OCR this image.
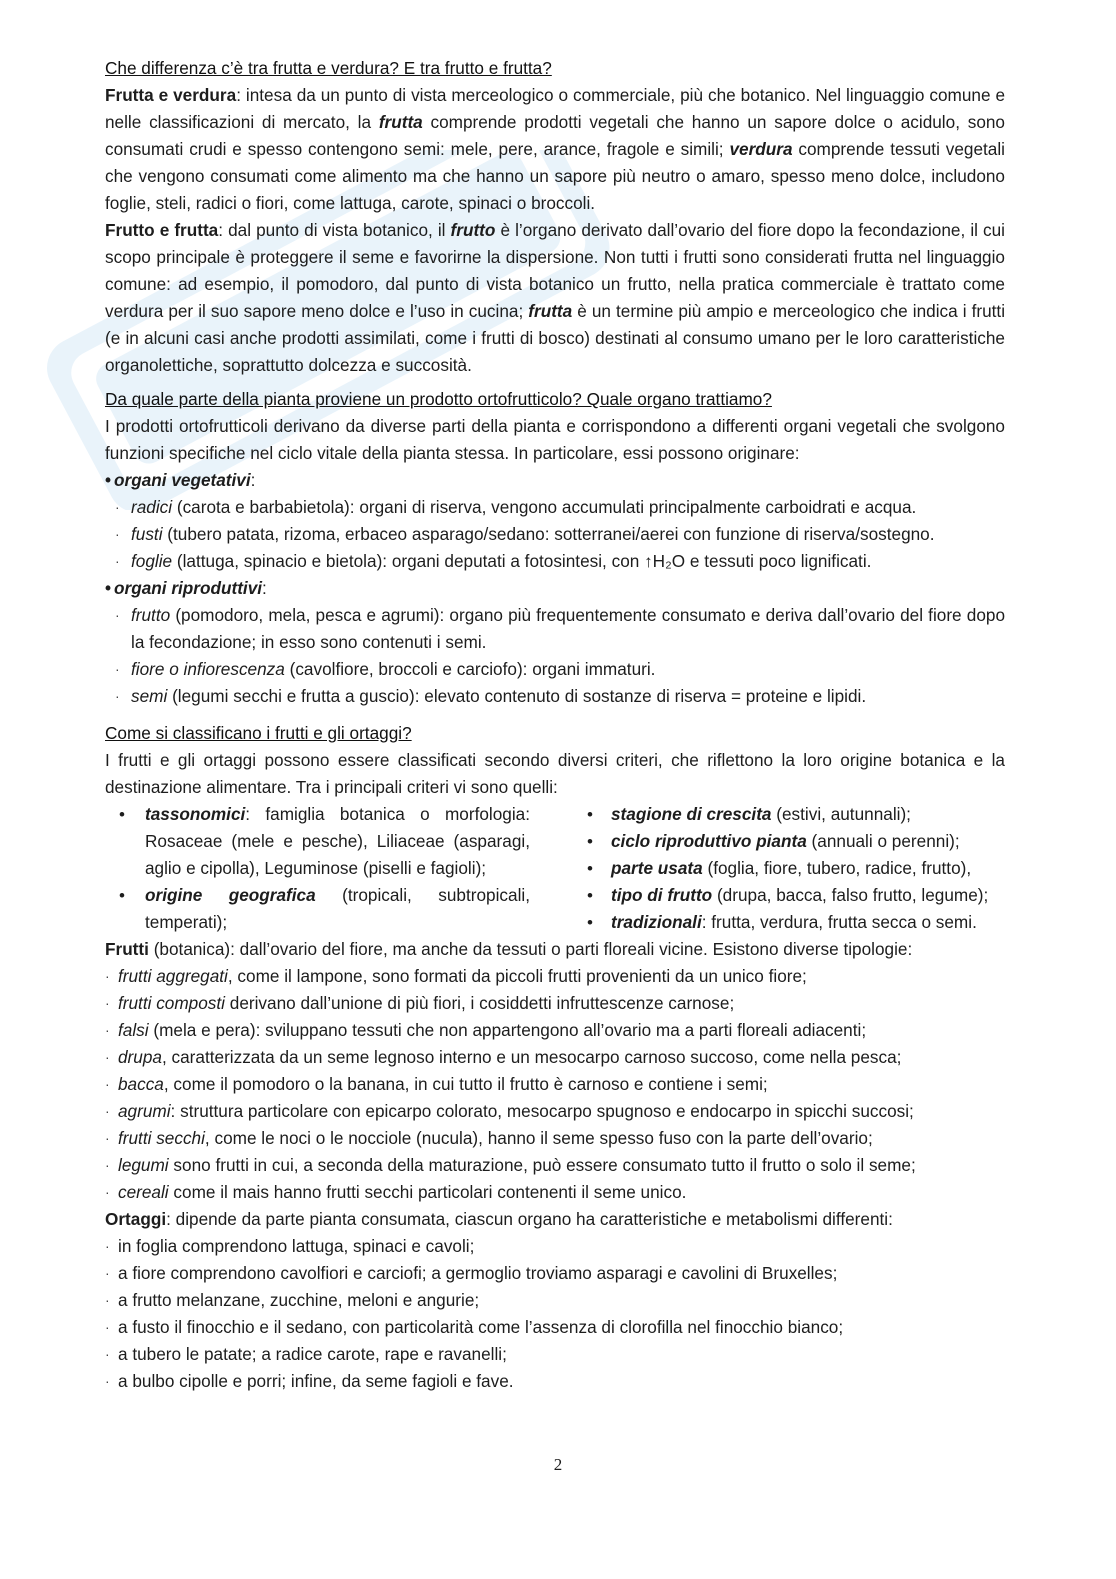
Che differenza c’è tra frutta e verdura? E tra frutto e frutta?

Frutta e verdura: intesa da un punto di vista merceologico o commerciale, più che botanico. Nel linguaggio comune e nelle classificazioni di mercato, la frutta comprende prodotti vegetali che hanno un sapore dolce o acidulo, sono consumati crudi e spesso contengono semi: mele, pere, arance, fragole e simili; verdura comprende tessuti vegetali che vengono consumati come alimento ma che hanno un sapore più neutro o amaro, spesso meno dolce, includono foglie, steli, radici o fiori, come lattuga, carote, spinaci o broccoli.

Frutto e frutta: dal punto di vista botanico, il frutto è l’organo derivato dall’ovario del fiore dopo la fecondazione, il cui scopo principale è proteggere il seme e favorirne la dispersione. Non tutti i frutti sono considerati frutta nel linguaggio comune: ad esempio, il pomodoro, dal punto di vista botanico un frutto, nella pratica commerciale è trattato come verdura per il suo sapore meno dolce e l’uso in cucina; frutta è un termine più ampio e merceologico che indica i frutti (e in alcuni casi anche prodotti assimilati, come i frutti di bosco) destinati al consumo umano per le loro caratteristiche organolettiche, soprattutto dolcezza e succosità.

Da quale parte della pianta proviene un prodotto ortofrutticolo? Quale organo trattiamo?

I prodotti ortofrutticoli derivano da diverse parti della pianta e corrispondono a differenti organi vegetali che svolgono funzioni specifiche nel ciclo vitale della pianta stessa. In particolare, essi possono originare:

• organi vegetativi:

· radici (carota e barbabietola): organi di riserva, vengono accumulati principalmente carboidrati e acqua.

· fusti (tubero patata, rizoma, erbaceo asparago/sedano: sotterranei/aerei con funzione di riserva/sostegno.

· foglie (lattuga, spinacio e bietola): organi deputati a fotosintesi, con ↑H₂O e tessuti poco lignificati.

• organi riproduttivi:

· frutto (pomodoro, mela, pesca e agrumi): organo più frequentemente consumato e deriva dall’ovario del fiore dopo la fecondazione; in esso sono contenuti i semi.

· fiore o infiorescenza (cavolfiore, broccoli e carciofo): organi immaturi.

· semi (legumi secchi e frutta a guscio): elevato contenuto di sostanze di riserva = proteine e lipidi.

Come si classificano i frutti e gli ortaggi?

I frutti e gli ortaggi possono essere classificati secondo diversi criteri, che riflettono la loro origine botanica e la destinazione alimentare. Tra i principali criteri vi sono quelli:

• tassonomici: famiglia botanica o morfologia: Rosaceae (mele e pesche), Liliaceae (asparagi, aglio e cipolla), Leguminose (piselli e fagioli);
• origine geografica (tropicali, subtropicali, temperati);
• stagione di crescita (estivi, autunnali);
• ciclo riproduttivo pianta (annuali o perenni);
• parte usata (foglia, fiore, tubero, radice, frutto),
• tipo di frutto (drupa, bacca, falso frutto, legume);
• tradizionali: frutta, verdura, frutta secca o semi.

Frutti (botanica): dall’ovario del fiore, ma anche da tessuti o parti floreali vicine. Esistono diverse tipologie:

· frutti aggregati, come il lampone, sono formati da piccoli frutti provenienti da un unico fiore;

· frutti composti derivano dall’unione di più fiori, i cosiddetti infruttescenze carnose;

· falsi (mela e pera): sviluppano tessuti che non appartengono all’ovario ma a parti floreali adiacenti;

· drupa, caratterizzata da un seme legnoso interno e un mesocarpo carnoso succoso, come nella pesca;

· bacca, come il pomodoro o la banana, in cui tutto il frutto è carnoso e contiene i semi;

· agrumi: struttura particolare con epicarpo colorato, mesocarpo spugnoso e endocarpo in spicchi succosi;

· frutti secchi, come le noci o le nocciole (nucula), hanno il seme spesso fuso con la parte dell’ovario;

· legumi sono frutti in cui, a seconda della maturazione, può essere consumato tutto il frutto o solo il seme;

· cereali come il mais hanno frutti secchi particolari contenenti il seme unico.

Ortaggi: dipende da parte pianta consumata, ciascun organo ha caratteristiche e metabolismi differenti:

· in foglia comprendono lattuga, spinaci e cavoli;

· a fiore comprendono cavolfiori e carciofi; a germoglio troviamo asparagi e cavolini di Bruxelles;

· a frutto melanzane, zucchine, meloni e angurie;

· a fusto il finocchio e il sedano, con particolarità come l’assenza di clorofilla nel finocchio bianco;

· a tubero le patate; a radice carote, rape e ravanelli;

· a bulbo cipolle e porri; infine, da seme fagioli e fave.

2
